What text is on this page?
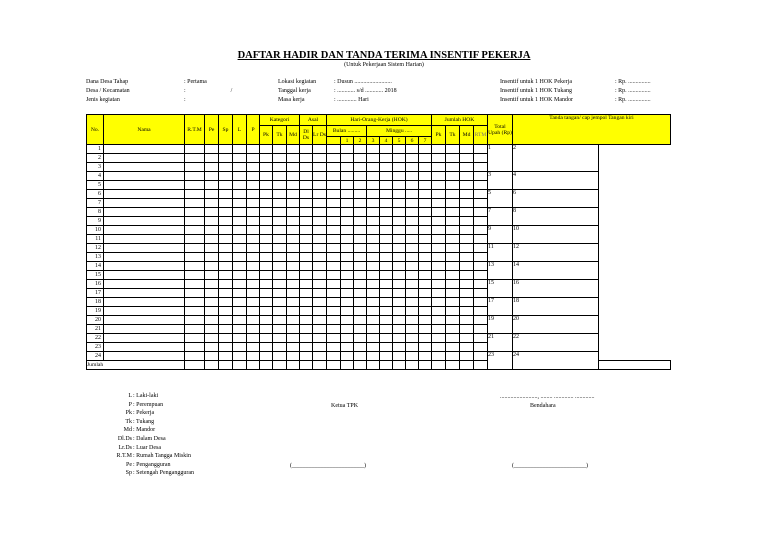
DAFTAR HADIR DAN TANDA TERIMA INSENTIF PEKERJA
(Untuk Pekerjaan Sistem Harian)
Dana Desa Tahap	: Pertama
Desa / Kecamatan	:                              /
Jenis kegiatan	:
Lokasi kegiatan	: Dusun .........................
Tanggal kerja	: ............ s/d ............ 2018
Masa kerja	: ............. Hari
Insentif untuk 1 HOK Pekerja	: Rp. ...............
Insentif untuk 1 HOK Tukang	: Rp. ...............
Insentif untuk 1 HOK Mandor	: Rp. ...............
No.	Nama	R.T.M	Pe	Sp	L	P	Kategori			Asal		Hari-Orang-Kerja (HOK)								Jumlah HOK				Total Upah (Rp)	Tanda tangan/ cap jempol Tangan kiri	
							Pk	Tk	Md	Dl Ds	Lr Ds	Bulan .........			Minggu .....					Pk	Tk	Md	RTM			
													1	2	3	4	5	6	7							
1																								1	2	
2																										
3																										
4																								3	4	
5																										
6																								5	6	
7																										
8																								7	8	
9																										
10																								9	10	
11																										
12																								11	12	
13																										
14																								13	14	
15																										
16																								15	16	
17																										
18																								17	18	
19																										
20																								19	20	
21																										
22																								21	22	
23																										
24																								23	24	
Jumlah																										
L : Laki-laki
P : Perempuan
Pk : Pekerja
Tk : Tukang
Md : Mandor
Dl.Ds : Dalam Desa
Lr.Ds : Luar Desa
R.T.M : Rumah Tangga Miskin
Pe : Pengangguran
Sp : Setengah Pengangguran
........................., ........ ............. .............
Ketua TPK	Bendahara
(________________________)	(________________________)
